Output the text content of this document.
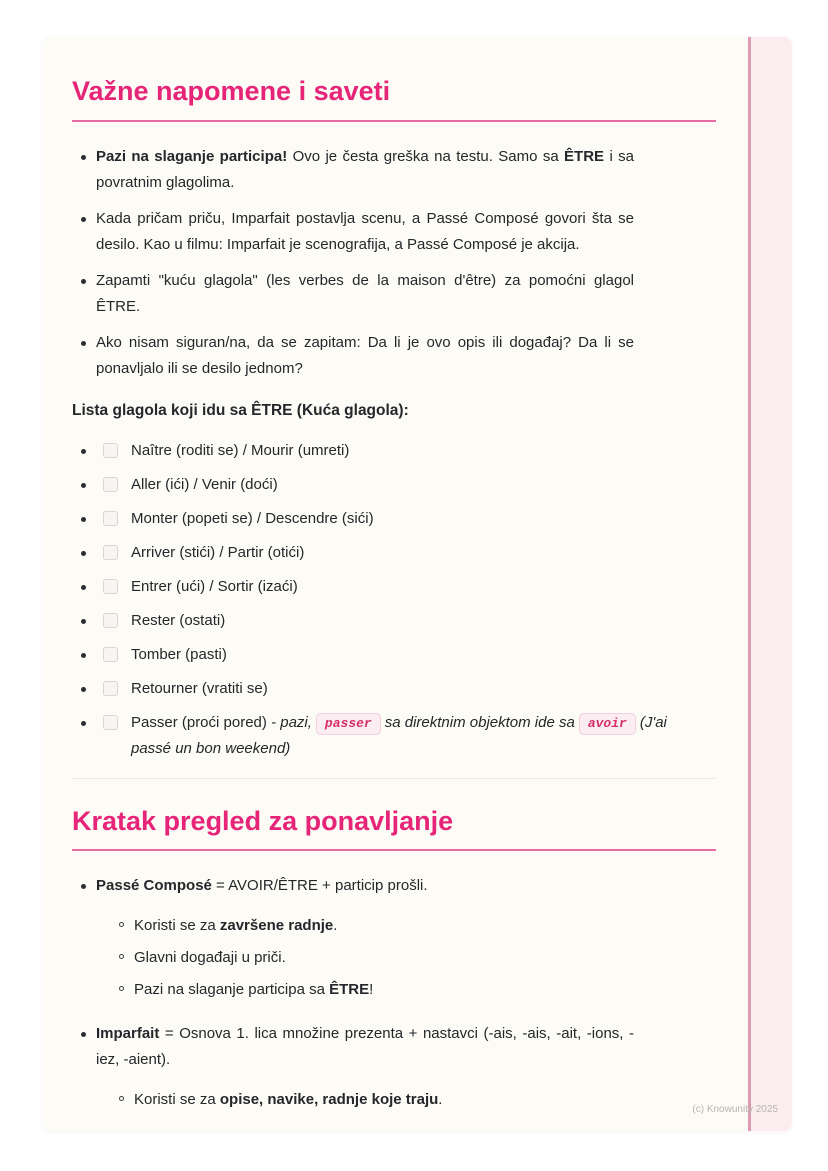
Važne napomene i saveti
Pazi na slaganje participa! Ovo je česta greška na testu. Samo sa ÊTRE i sa povratnim glagolima.
Kada pričam priču, Imparfait postavlja scenu, a Passé Composé govori šta se desilo. Kao u filmu: Imparfait je scenografija, a Passé Composé je akcija.
Zapamti "kuću glagola" (les verbes de la maison d'être) za pomoćni glagol ÊTRE.
Ako nisam siguran/na, da se zapitam: Da li je ovo opis ili događaj? Da li se ponavljalo ili se desilo jednom?
Lista glagola koji idu sa ÊTRE (Kuća glagola):
Naître (roditi se) / Mourir (umreti)
Aller (ići) / Venir (doći)
Monter (popeti se) / Descendre (sići)
Arriver (stići) / Partir (otići)
Entrer (ući) / Sortir (izaći)
Rester (ostati)
Tomber (pasti)
Retourner (vratiti se)
Passer (proći pored) - pazi, passer sa direktnim objektom ide sa avoir (J'ai passé un bon weekend)
Kratak pregled za ponavljanje
Passé Composé = AVOIR/ÊTRE + particip prošli.
Koristi se za završene radnje.
Glavni događaji u priči.
Pazi na slaganje participa sa ÊTRE!
Imparfait = Osnova 1. lica množine prezenta + nastavci (-ais, -ais, -ait, -ions, -iez, -aient).
Koristi se za opise, navike, radnje koje traju.
(c) Knowunity 2025
